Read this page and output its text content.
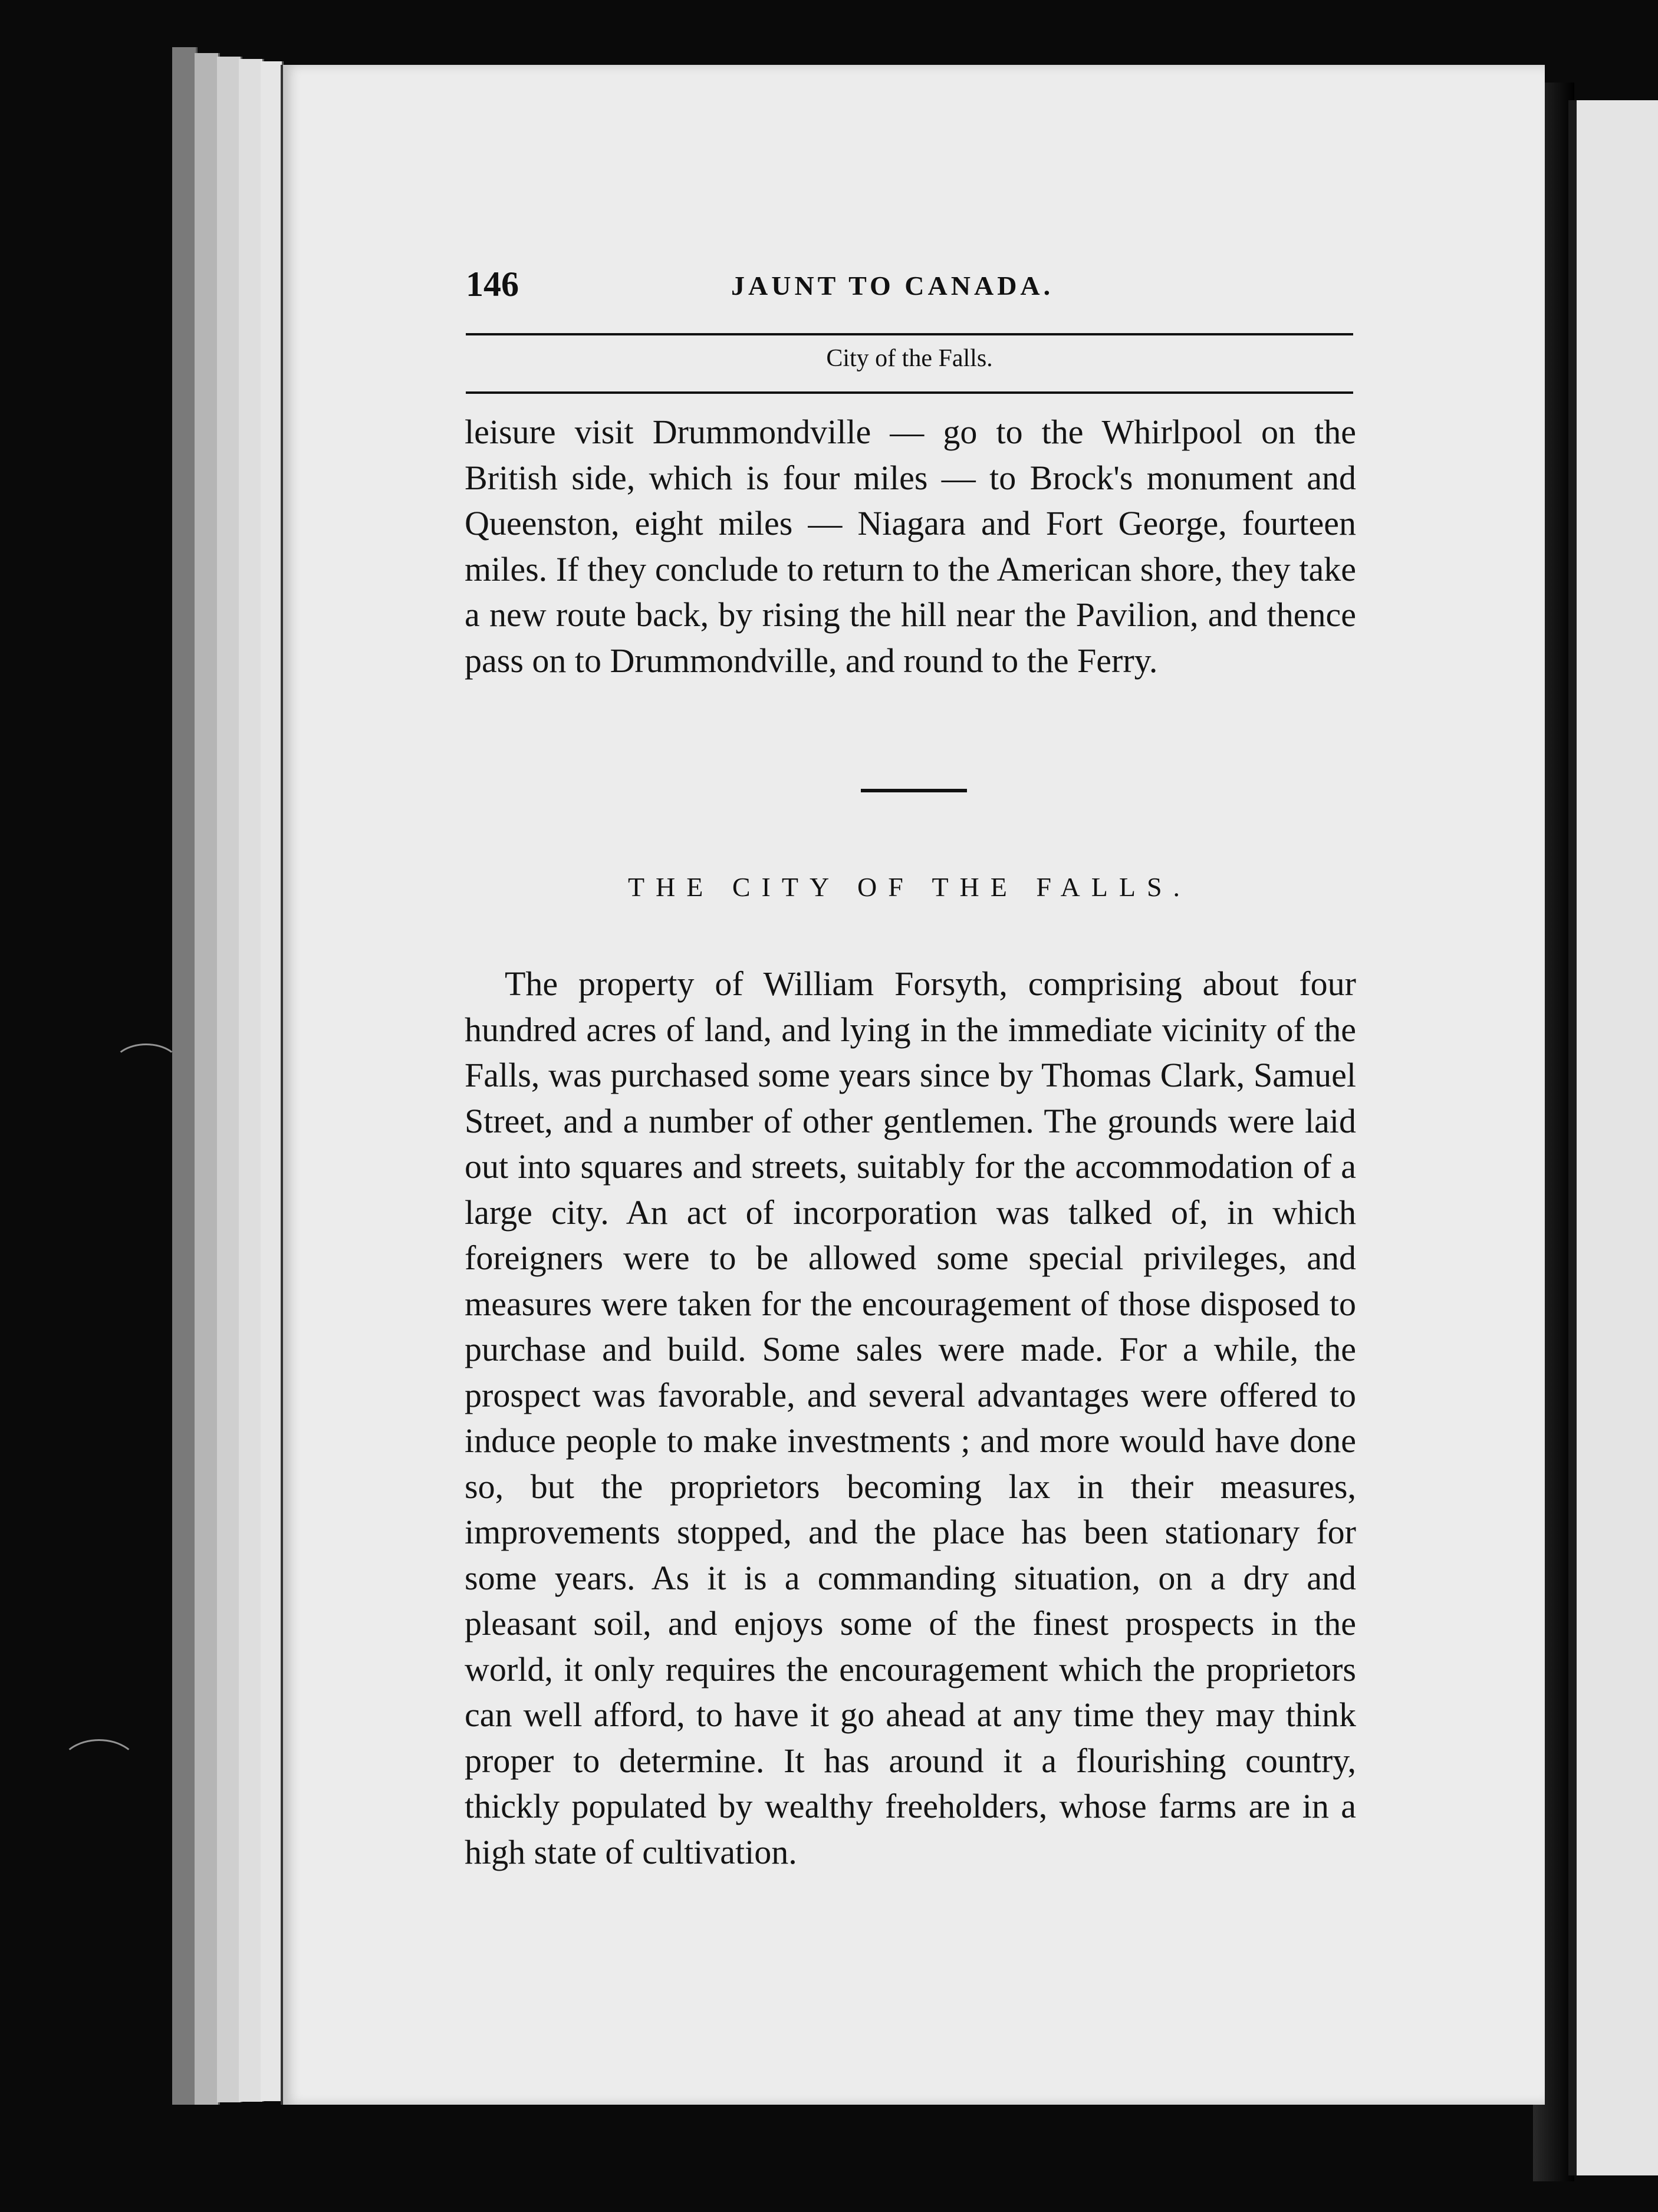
146	JAUNT TO CANADA.
City of the Falls.
leisure visit Drummondville — go to the Whirlpool on the British side, which is four miles — to Brock's monument and Queenston, eight miles — Niagara and Fort George, fourteen miles. If they conclude to return to the American shore, they take a new route back, by rising the hill near the Pavilion, and thence pass on to Drummondville, and round to the Ferry.
THE CITY OF THE FALLS.
The property of William Forsyth, comprising about four hundred acres of land, and lying in the immediate vicinity of the Falls, was purchased some years since by Thomas Clark, Samuel Street, and a number of other gentlemen. The grounds were laid out into squares and streets, suitably for the accommodation of a large city. An act of incorporation was talked of, in which foreigners were to be allowed some special privileges, and measures were taken for the encouragement of those disposed to purchase and build. Some sales were made. For a while, the prospect was favorable, and several advantages were offered to induce people to make investments ; and more would have done so, but the proprietors becoming lax in their measures, improvements stopped, and the place has been stationary for some years. As it is a commanding situation, on a dry and pleasant soil, and enjoys some of the finest prospects in the world, it only requires the encouragement which the proprietors can well afford, to have it go ahead at any time they may think proper to determine. It has around it a flourishing country, thickly populated by wealthy freeholders, whose farms are in a high state of cultivation.
